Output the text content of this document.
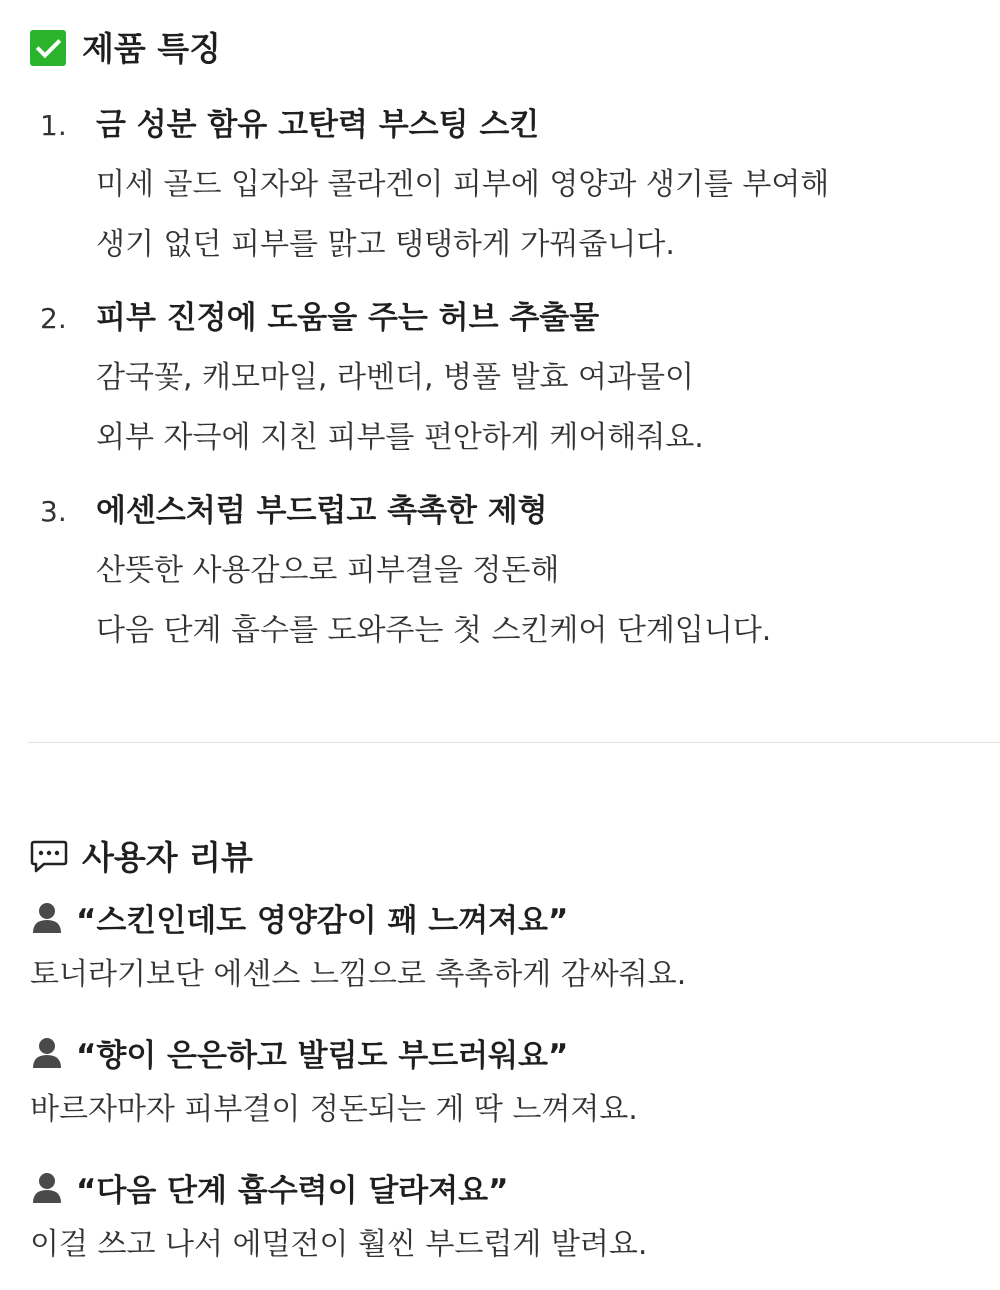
제품 특징
1. 금 성분 함유 고탄력 부스팅 스킨
미세 골드 입자와 콜라겐이 피부에 영양과 생기를 부여해
생기 없던 피부를 맑고 탱탱하게 가꿔줍니다.
2. 피부 진정에 도움을 주는 허브 추출물
감국꽃, 캐모마일, 라벤더, 병풀 발효 여과물이
외부 자극에 지친 피부를 편안하게 케어해줘요.
3. 에센스처럼 부드럽고 촉촉한 제형
산뜻한 사용감으로 피부결을 정돈해
다음 단계 흡수를 도와주는 첫 스킨케어 단계입니다.
사용자 리뷰
“스킨인데도 영양감이 꽤 느껴져요”
토너라기보단 에센스 느낌으로 촉촉하게 감싸줘요.
“향이 은은하고 발림도 부드러워요”
바르자마자 피부결이 정돈되는 게 딱 느껴져요.
“다음 단계 흡수력이 달라져요”
이걸 쓰고 나서 에멀전이 훨씬 부드럽게 발려요.
